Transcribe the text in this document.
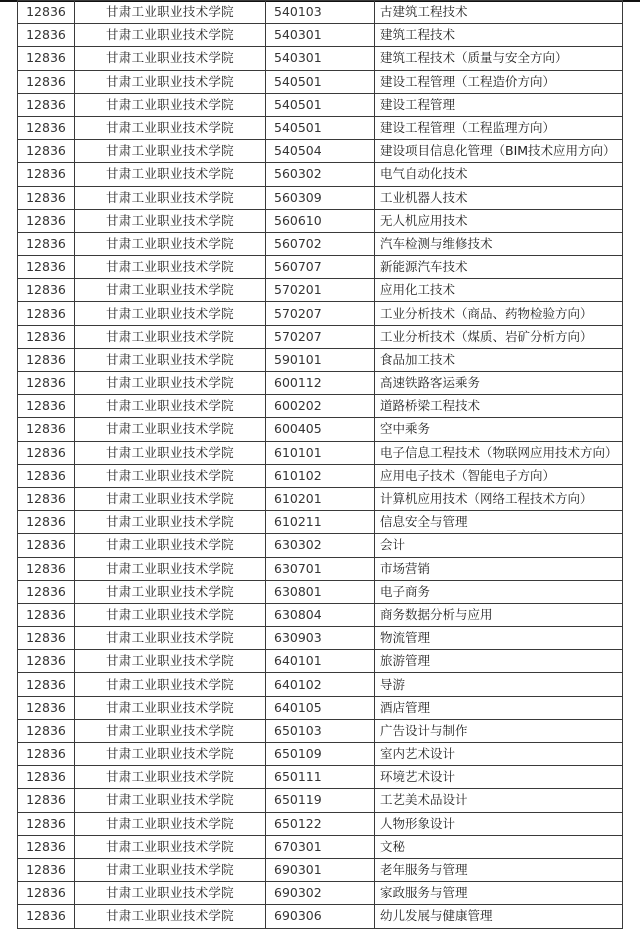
12836	甘肃工业职业技术学院	540103	古建筑工程技术
12836	甘肃工业职业技术学院	540301	建筑工程技术
12836	甘肃工业职业技术学院	540301	建筑工程技术（质量与安全方向）
12836	甘肃工业职业技术学院	540501	建设工程管理（工程造价方向）
12836	甘肃工业职业技术学院	540501	建设工程管理
12836	甘肃工业职业技术学院	540501	建设工程管理（工程监理方向）
12836	甘肃工业职业技术学院	540504	建设项目信息化管理（BIM技术应用方向）
12836	甘肃工业职业技术学院	560302	电气自动化技术
12836	甘肃工业职业技术学院	560309	工业机器人技术
12836	甘肃工业职业技术学院	560610	无人机应用技术
12836	甘肃工业职业技术学院	560702	汽车检测与维修技术
12836	甘肃工业职业技术学院	560707	新能源汽车技术
12836	甘肃工业职业技术学院	570201	应用化工技术
12836	甘肃工业职业技术学院	570207	工业分析技术（商品、药物检验方向）
12836	甘肃工业职业技术学院	570207	工业分析技术（煤质、岩矿分析方向）
12836	甘肃工业职业技术学院	590101	食品加工技术
12836	甘肃工业职业技术学院	600112	高速铁路客运乘务
12836	甘肃工业职业技术学院	600202	道路桥梁工程技术
12836	甘肃工业职业技术学院	600405	空中乘务
12836	甘肃工业职业技术学院	610101	电子信息工程技术（物联网应用技术方向）
12836	甘肃工业职业技术学院	610102	应用电子技术（智能电子方向）
12836	甘肃工业职业技术学院	610201	计算机应用技术（网络工程技术方向）
12836	甘肃工业职业技术学院	610211	信息安全与管理
12836	甘肃工业职业技术学院	630302	会计
12836	甘肃工业职业技术学院	630701	市场营销
12836	甘肃工业职业技术学院	630801	电子商务
12836	甘肃工业职业技术学院	630804	商务数据分析与应用
12836	甘肃工业职业技术学院	630903	物流管理
12836	甘肃工业职业技术学院	640101	旅游管理
12836	甘肃工业职业技术学院	640102	导游
12836	甘肃工业职业技术学院	640105	酒店管理
12836	甘肃工业职业技术学院	650103	广告设计与制作
12836	甘肃工业职业技术学院	650109	室内艺术设计
12836	甘肃工业职业技术学院	650111	环境艺术设计
12836	甘肃工业职业技术学院	650119	工艺美术品设计
12836	甘肃工业职业技术学院	650122	人物形象设计
12836	甘肃工业职业技术学院	670301	文秘
12836	甘肃工业职业技术学院	690301	老年服务与管理
12836	甘肃工业职业技术学院	690302	家政服务与管理
12836	甘肃工业职业技术学院	690306	幼儿发展与健康管理
